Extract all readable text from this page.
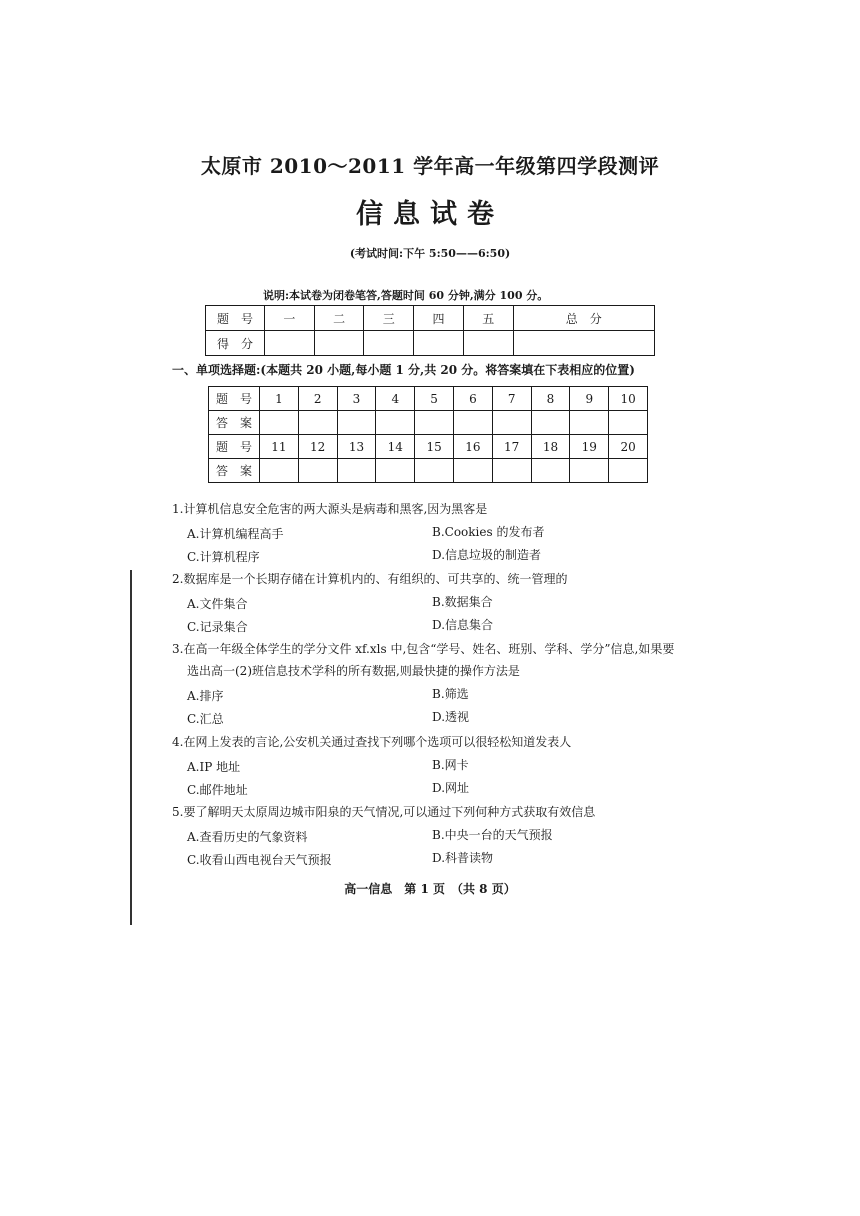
太原市 2010～2011 学年高一年级第四学段测评
信息试卷
(考试时间:下午 5:50——6:50)
说明:本试卷为闭卷笔答,答题时间 60 分钟,满分 100 分。
题　号	一	二	三	四	五	总　分
得　分						
一、单项选择题:(本题共 20 小题,每小题 1 分,共 20 分。将答案填在下表相应的位置)
题　号	1	2	3	4	5	6	7	8	9	10
答　案										
题　号	11	12	13	14	15	16	17	18	19	20
答　案										
1.计算机信息安全危害的两大源头是病毒和黑客,因为黑客是
A.计算机编程高手	B.Cookies 的发布者
C.计算机程序	D.信息垃圾的制造者
2.数据库是一个长期存储在计算机内的、有组织的、可共享的、统一管理的
A.文件集合	B.数据集合
C.记录集合	D.信息集合
3.在高一年级全体学生的学分文件 xf.xls 中,包含“学号、姓名、班别、学科、学分”信息,如果要
选出高一(2)班信息技术学科的所有数据,则最快捷的操作方法是
A.排序	B.筛选
C.汇总	D.透视
4.在网上发表的言论,公安机关通过查找下列哪个选项可以很轻松知道发表人
A.IP 地址	B.网卡
C.邮件地址	D.网址
5.要了解明天太原周边城市阳泉的天气情况,可以通过下列何种方式获取有效信息
A.查看历史的气象资料	B.中央一台的天气预报
C.收看山西电视台天气预报	D.科普读物
高一信息　第 1 页　（共 8 页）
